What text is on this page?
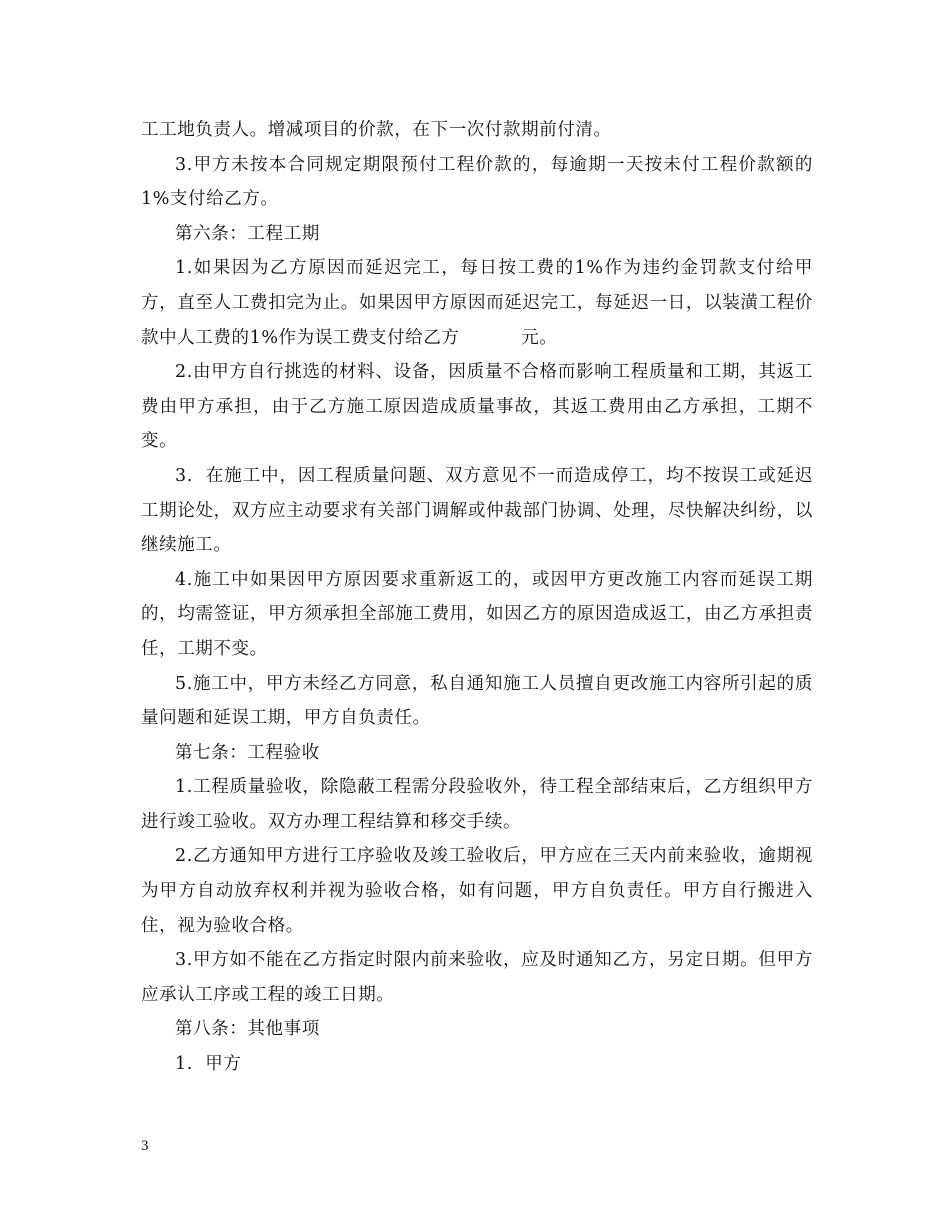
工工地负责人。增减项目的价款，在下一次付款期前付清。

3.甲方未按本合同规定期限预付工程价款的，每逾期一天按未付工程价款额的1%支付给乙方。

第六条：工程工期

1.如果因为乙方原因而延迟完工，每日按工费的1%作为违约金罚款支付给甲方，直至人工费扣完为止。如果因甲方原因而延迟完工，每延迟一日，以装潢工程价款中人工费的1%作为误工费支付给乙方          元。

2.由甲方自行挑选的材料、设备，因质量不合格而影响工程质量和工期，其返工费由甲方承担，由于乙方施工原因造成质量事故，其返工费用由乙方承担，工期不变。

3.  在施工中，因工程质量问题、双方意见不一而造成停工，均不按误工或延迟工期论处，双方应主动要求有关部门调解或仲裁部门协调、处理，尽快解决纠纷，以继续施工。

4.施工中如果因甲方原因要求重新返工的，或因甲方更改施工内容而延误工期的，均需签证，甲方须承担全部施工费用，如因乙方的原因造成返工，由乙方承担责任，工期不变。

5.施工中，甲方未经乙方同意，私自通知施工人员擅自更改施工内容所引起的质量问题和延误工期，甲方自负责任。

第七条：工程验收

1.工程质量验收，除隐蔽工程需分段验收外，待工程全部结束后，乙方组织甲方进行竣工验收。双方办理工程结算和移交手续。

2.乙方通知甲方进行工序验收及竣工验收后，甲方应在三天内前来验收，逾期视为甲方自动放弃权利并视为验收合格，如有问题，甲方自负责任。甲方自行搬进入住，视为验收合格。

3.甲方如不能在乙方指定时限内前来验收，应及时通知乙方，另定日期。但甲方应承认工序或工程的竣工日期。

第八条：其他事项

1.  甲方

3
